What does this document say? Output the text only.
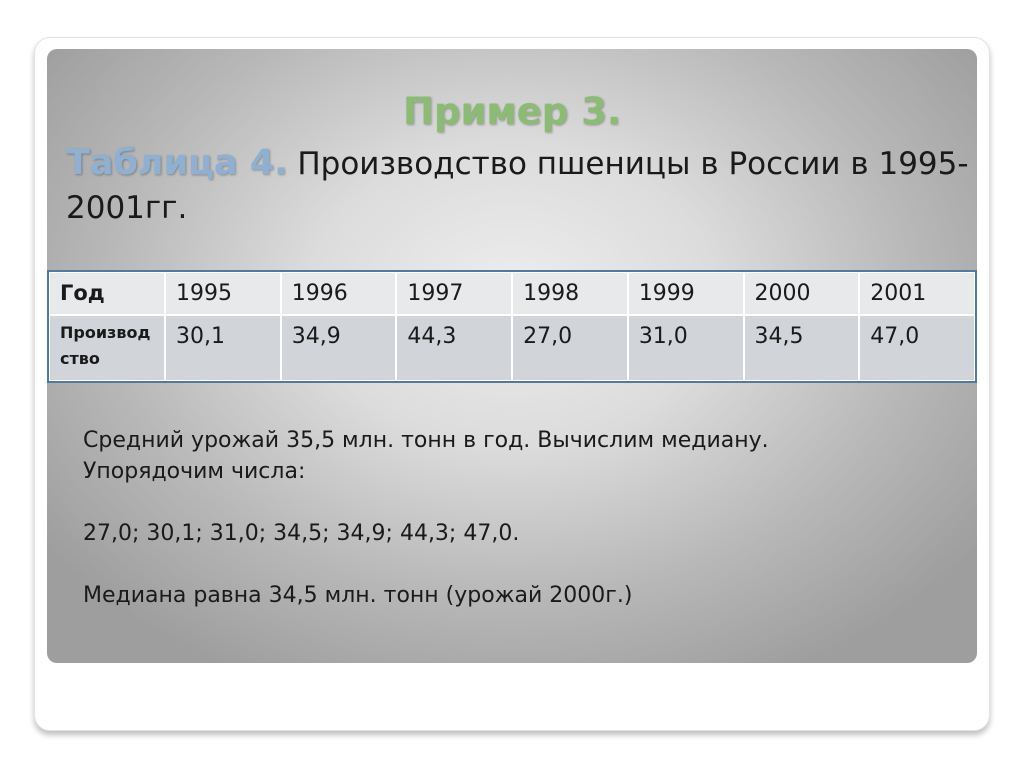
Пример 3.

Таблица 4. Производство пшеницы в России в 1995-2001гг.

Год	1995	1996	1997	1998	1999	2000	2001
Производство	30,1	34,9	44,3	27,0	31,0	34,5	47,0

Средний урожай 35,5 млн. тонн в год. Вычислим медиану.

Упорядочим числа:

27,0; 30,1; 31,0; 34,5; 34,9; 44,3; 47,0.

Медиана равна 34,5 млн. тонн (урожай 2000г.)
